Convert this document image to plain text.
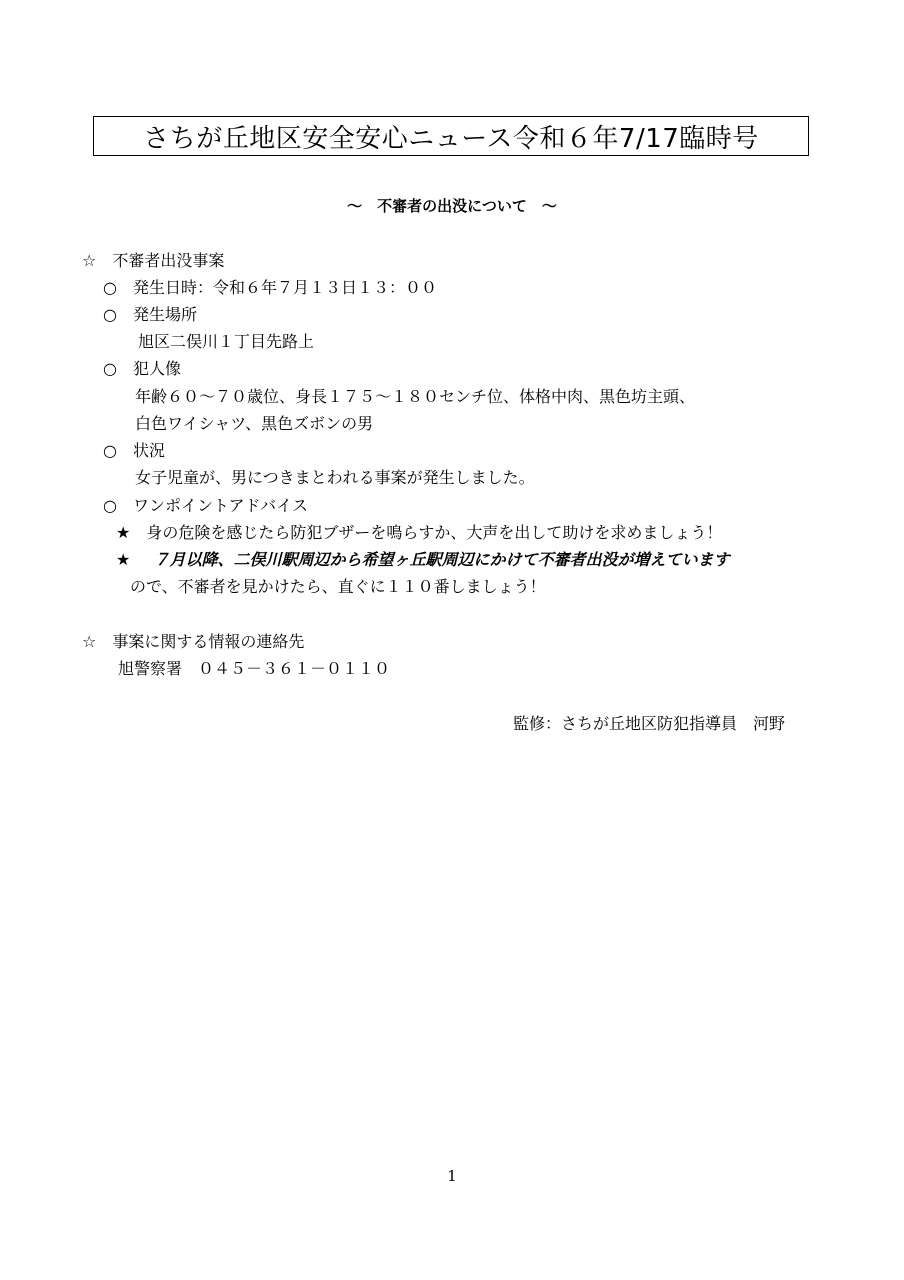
さちが丘地区安全安心ニュース令和６年7/17臨時号
～　不審者の出没について　～
☆　不審者出没事案
○　発生日時：令和６年７月１３日１３：００
○　発生場所
旭区二俣川１丁目先路上
○　犯人像
年齢６０～７０歳位、身長１７５～１８０センチ位、体格中肉、黒色坊主頭、
白色ワイシャツ、黒色ズボンの男
○　状況
女子児童が、男につきまとわれる事案が発生しました。
○　ワンポイントアドバイス
★　身の危険を感じたら防犯ブザーを鳴らすか、大声を出して助けを求めましょう！
★ ７月以降、二俣川駅周辺から希望ヶ丘駅周辺にかけて不審者出没が増えています
ので、不審者を見かけたら、直ぐに１１０番しましょう！
☆　事案に関する情報の連絡先
旭警察署　０４５－３６１－０１１０
監修：さちが丘地区防犯指導員　河野
1
